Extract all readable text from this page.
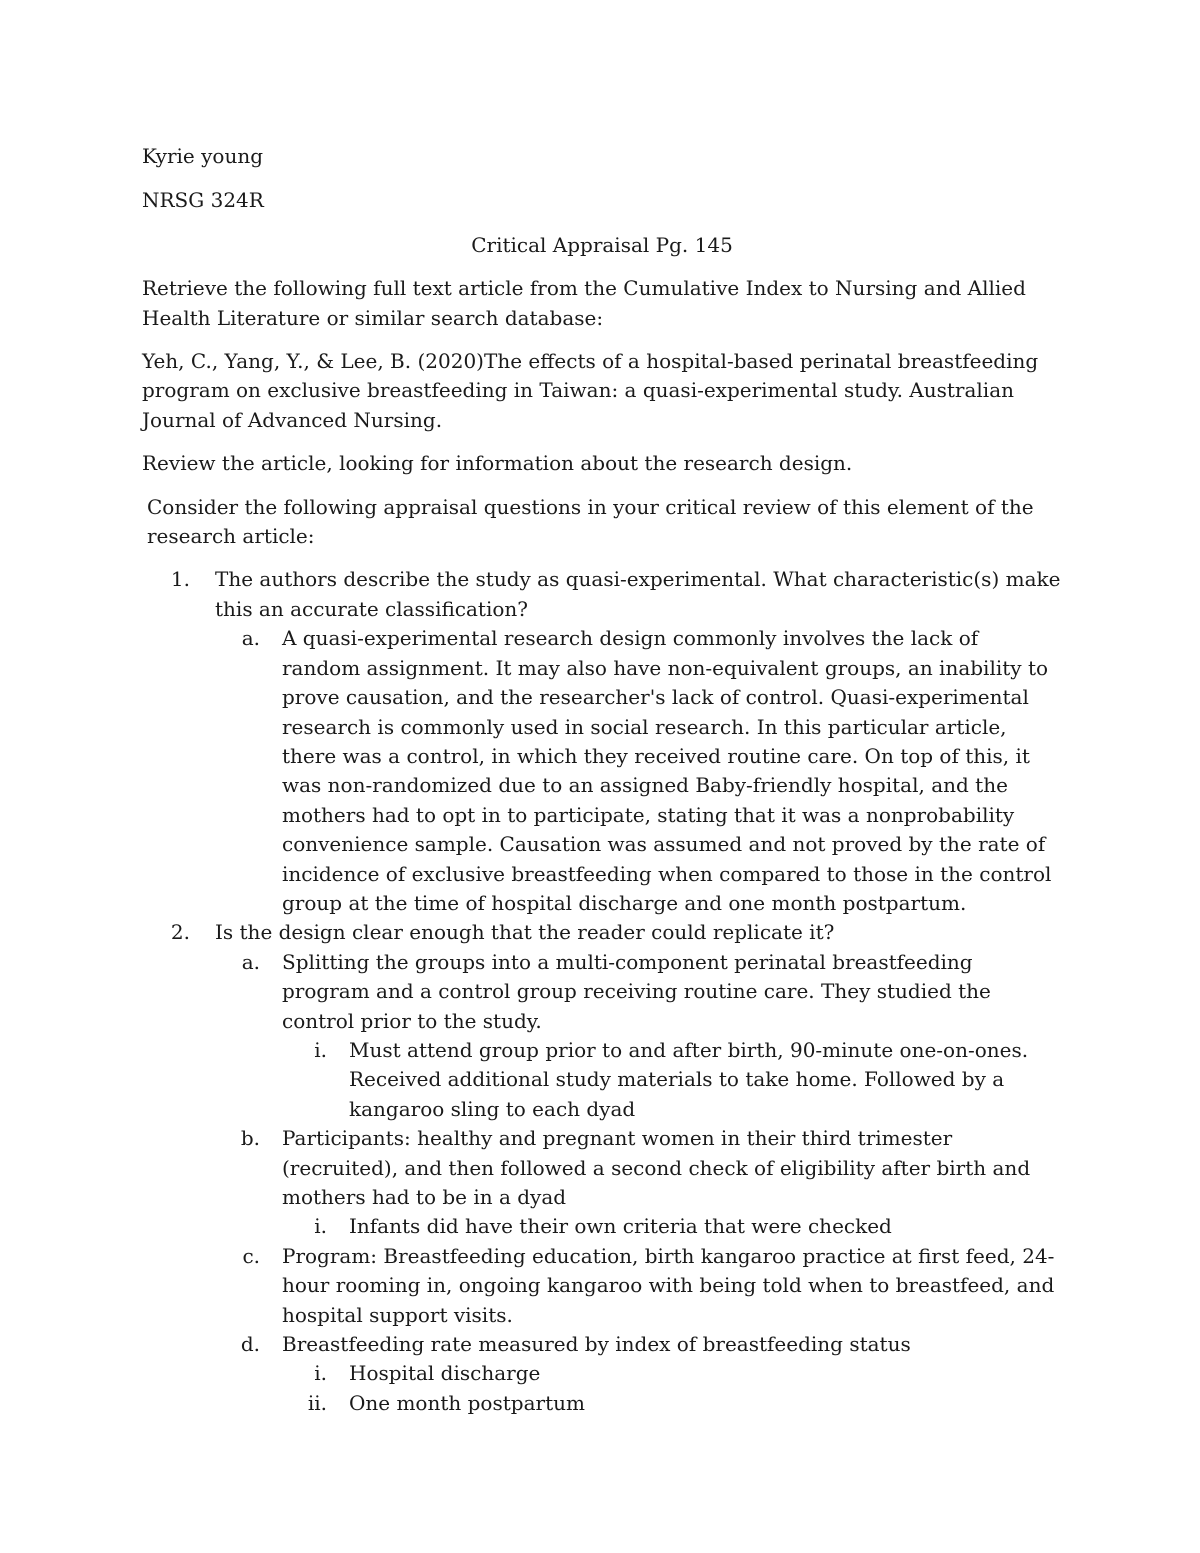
Kyrie young

NRSG 324R

Critical Appraisal Pg. 145

Retrieve the following full text article from the Cumulative Index to Nursing and Allied Health Literature or similar search database:

Yeh, C., Yang, Y., & Lee, B. (2020)The effects of a hospital-based perinatal breastfeeding program on exclusive breastfeeding in Taiwan: a quasi-experimental study. Australian Journal of Advanced Nursing.

Review the article, looking for information about the research design.

Consider the following appraisal questions in your critical review of this element of the research article:

1.	The authors describe the study as quasi-experimental. What characteristic(s) make this an accurate classification?
a.	A quasi-experimental research design commonly involves the lack of random assignment. It may also have non-equivalent groups, an inability to prove causation, and the researcher's lack of control. Quasi-experimental research is commonly used in social research. In this particular article, there was a control, in which they received routine care. On top of this, it was non-randomized due to an assigned Baby-friendly hospital, and the mothers had to opt in to participate, stating that it was a nonprobability convenience sample. Causation was assumed and not proved by the rate of incidence of exclusive breastfeeding when compared to those in the control group at the time of hospital discharge and one month postpartum.
2.	Is the design clear enough that the reader could replicate it?
a.	Splitting the groups into a multi-component perinatal breastfeeding program and a control group receiving routine care. They studied the control prior to the study.
i.	Must attend group prior to and after birth, 90-minute one-on-ones. Received additional study materials to take home. Followed by a kangaroo sling to each dyad
b.	Participants: healthy and pregnant women in their third trimester (recruited), and then followed a second check of eligibility after birth and mothers had to be in a dyad
i.	Infants did have their own criteria that were checked
c.	Program: Breastfeeding education, birth kangaroo practice at first feed, 24-hour rooming in, ongoing kangaroo with being told when to breastfeed, and hospital support visits.
d.	Breastfeeding rate measured by index of breastfeeding status
i.	Hospital discharge
ii.	One month postpartum
